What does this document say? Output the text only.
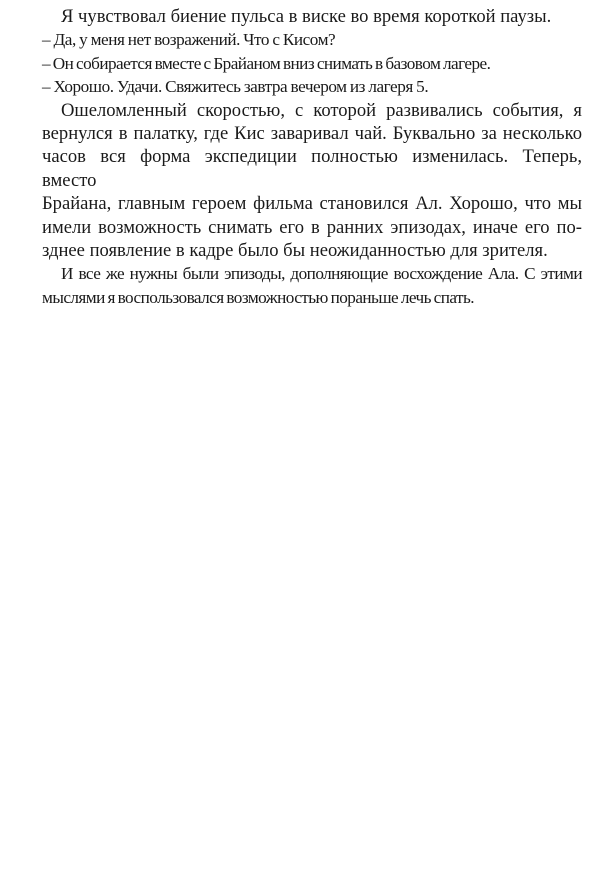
Я чувствовал биение пульса в виске во время короткой паузы.
– Да, у меня нет возражений. Что с Кисом?
– Он собирается вместе с Брайаном вниз снимать в базовом лагере.
– Хорошо. Удачи. Свяжитесь завтра вечером из лагеря 5.
Ошеломленный скоростью, с которой развивались события, я
вернулся в палатку, где Кис заваривал чай. Буквально за несколько
часов вся форма экспедиции полностью изменилась. Теперь, вместо
Брайана, главным героем фильма становился Ал. Хорошо, что мы
имели возможность снимать его в ранних эпизодах, иначе его по-
зднее появление в кадре было бы неожиданностью для зрителя.
И все же нужны были эпизоды, дополняющие восхождение Ала. С этими
мыслями я воспользовался возможностью пораньше лечь спать.
